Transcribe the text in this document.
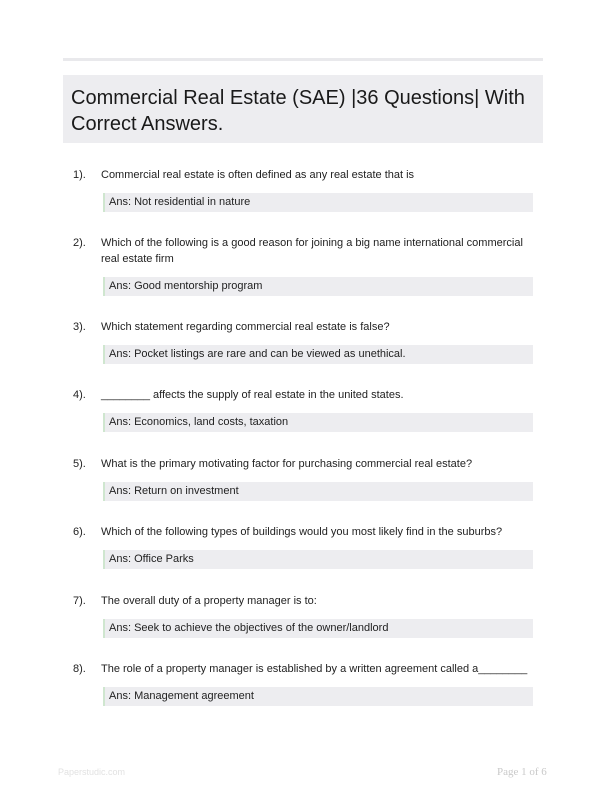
Commercial Real Estate (SAE) |36 Questions| With Correct Answers.
1).	Commercial real estate is often defined as any real estate that is
Ans: Not residential in nature
2).	Which of the following is a good reason for joining a big name international commercial real estate firm
Ans: Good mentorship program
3).	Which statement regarding commercial real estate is false?
Ans: Pocket listings are rare and can be viewed as unethical.
4).	________ affects the supply of real estate in the united states.
Ans: Economics, land costs, taxation
5).	What is the primary motivating factor for purchasing commercial real estate?
Ans: Return on investment
6).	Which of the following types of buildings would you most likely find in the suburbs?
Ans: Office Parks
7).	The overall duty of a property manager is to:
Ans: Seek to achieve the objectives of the owner/landlord
8).	The role of a property manager is established by a written agreement called a________
Ans: Management agreement
Paperstudic.com	Page 1 of 6
